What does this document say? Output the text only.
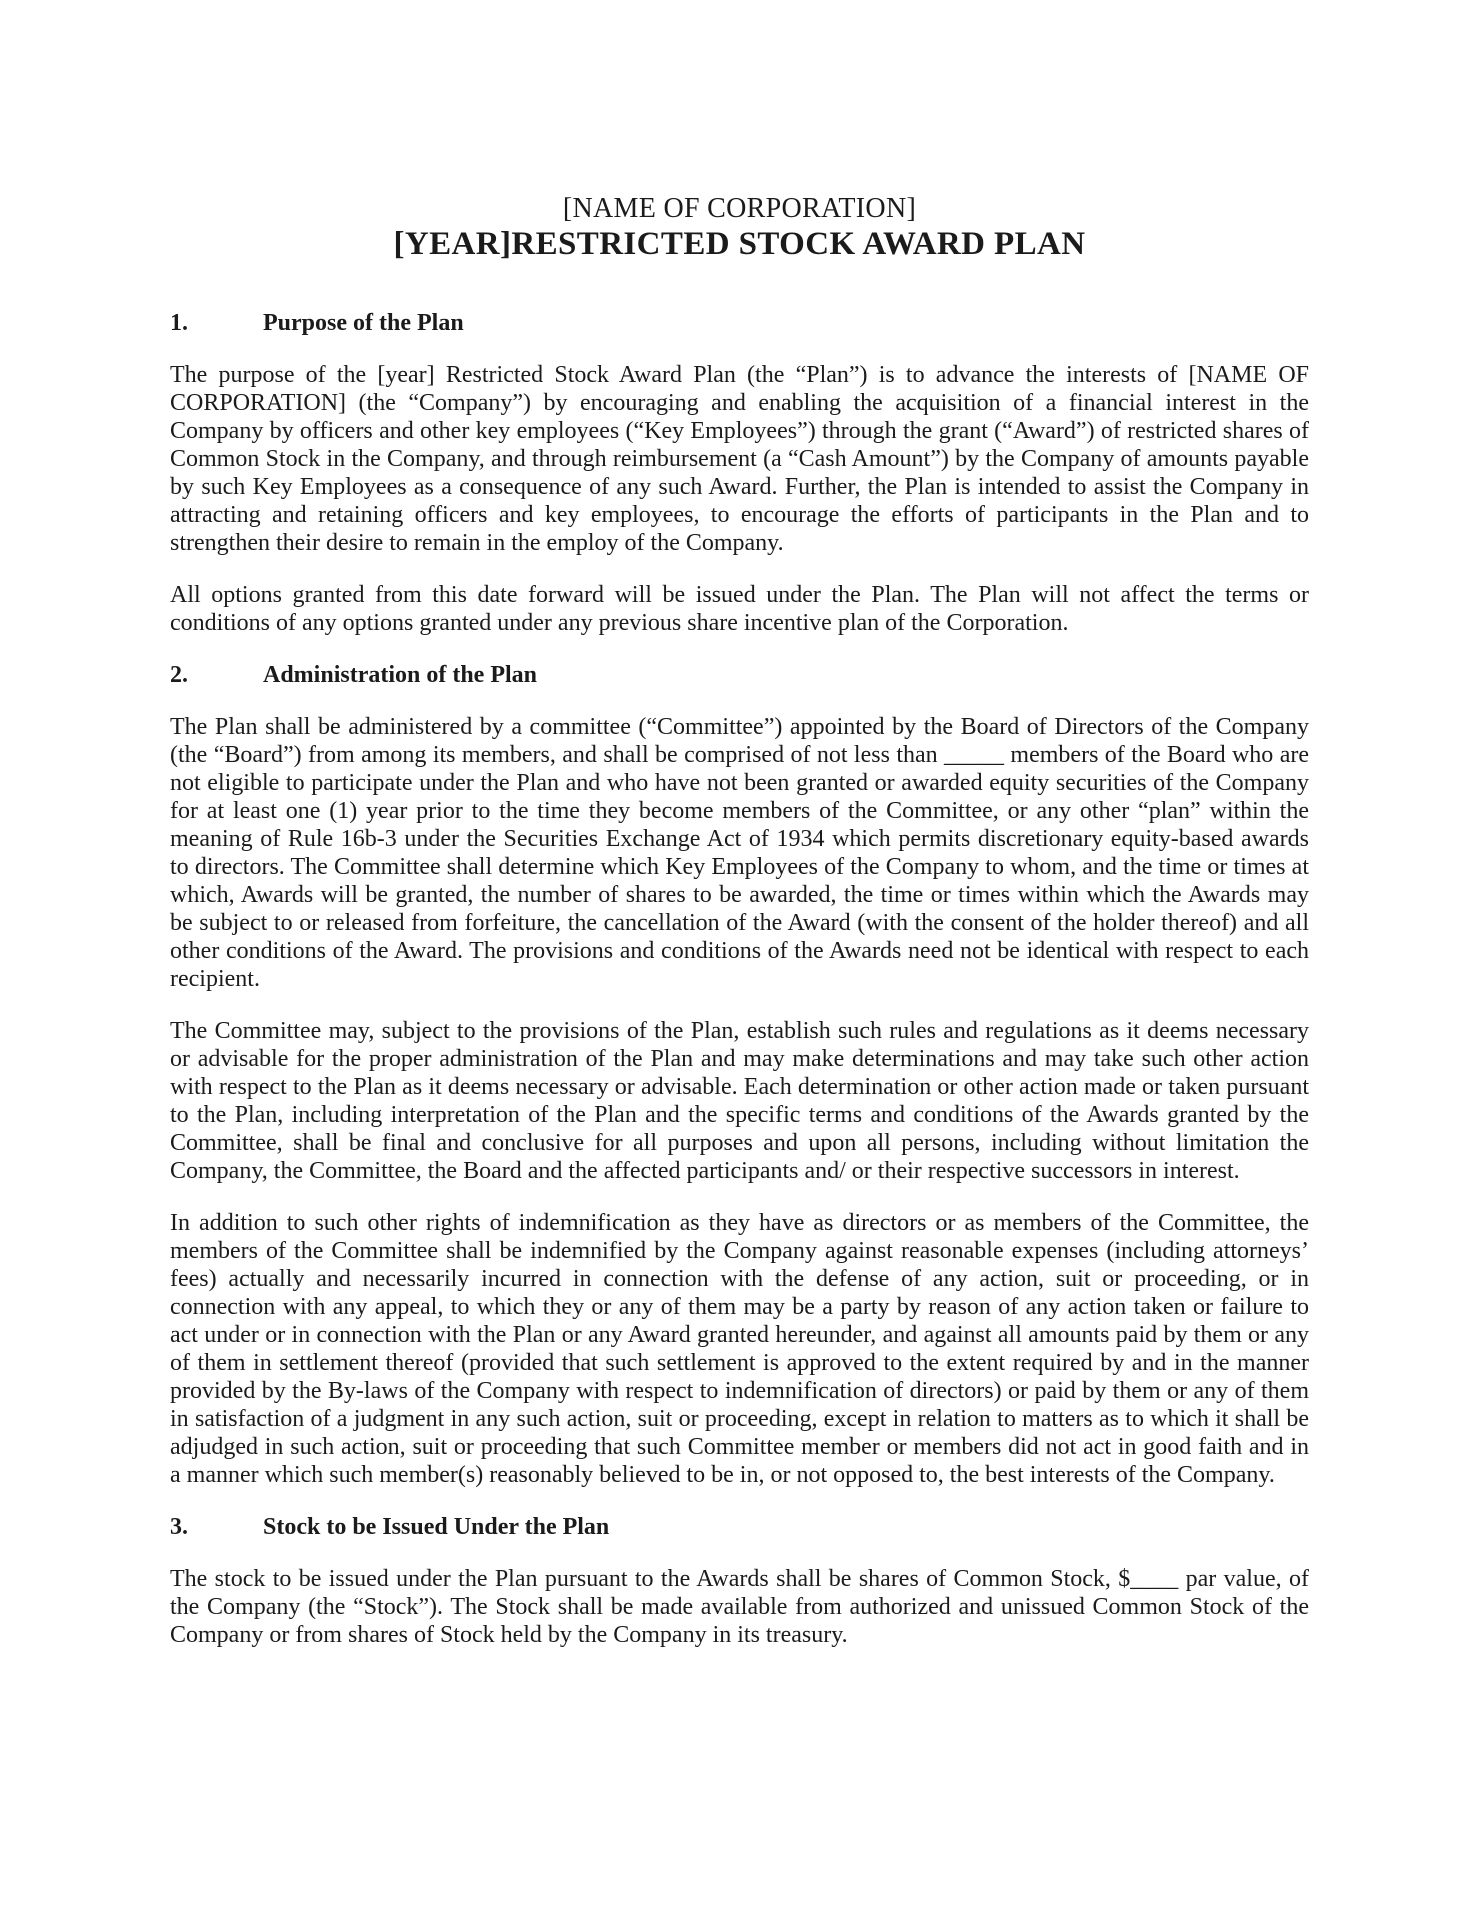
[NAME OF CORPORATION]
[YEAR]RESTRICTED STOCK AWARD PLAN
1.	Purpose of the Plan

The purpose of the [year] Restricted Stock Award Plan (the “Plan”) is to advance the interests of [NAME OF CORPORATION] (the “Company”) by encouraging and enabling the acquisition of a financial interest in the Company by officers and other key employees (“Key Employees”) through the grant (“Award”) of restricted shares of Common Stock in the Company, and through reimbursement (a “Cash Amount”) by the Company of amounts payable by such Key Employees as a consequence of any such Award. Further, the Plan is intended to assist the Company in attracting and retaining officers and key employees, to encourage the efforts of participants in the Plan and to strengthen their desire to remain in the employ of the Company.

All options granted from this date forward will be issued under the Plan. The Plan will not affect the terms or conditions of any options granted under any previous share incentive plan of the Corporation.

2.	Administration of the Plan

The Plan shall be administered by a committee (“Committee”) appointed by the Board of Directors of the Company (the “Board”) from among its members, and shall be comprised of not less than _____ members of the Board who are not eligible to participate under the Plan and who have not been granted or awarded equity securities of the Company for at least one (1) year prior to the time they become members of the Committee, or any other “plan” within the meaning of Rule 16b-3 under the Securities Exchange Act of 1934 which permits discretionary equity-based awards to directors. The Committee shall determine which Key Employees of the Company to whom, and the time or times at which, Awards will be granted, the number of shares to be awarded, the time or times within which the Awards may be subject to or released from forfeiture, the cancellation of the Award (with the consent of the holder thereof) and all other conditions of the Award. The provisions and conditions of the Awards need not be identical with respect to each recipient.

The Committee may, subject to the provisions of the Plan, establish such rules and regulations as it deems necessary or advisable for the proper administration of the Plan and may make determinations and may take such other action with respect to the Plan as it deems necessary or advisable. Each determination or other action made or taken pursuant to the Plan, including interpretation of the Plan and the specific terms and conditions of the Awards granted by the Committee, shall be final and conclusive for all purposes and upon all persons, including without limitation the Company, the Committee, the Board and the affected participants and/ or their respective successors in interest.

In addition to such other rights of indemnification as they have as directors or as members of the Committee, the members of the Committee shall be indemnified by the Company against reasonable expenses (including attorneys’ fees) actually and necessarily incurred in connection with the defense of any action, suit or proceeding, or in connection with any appeal, to which they or any of them may be a party by reason of any action taken or failure to act under or in connection with the Plan or any Award granted hereunder, and against all amounts paid by them or any of them in settlement thereof (provided that such settlement is approved to the extent required by and in the manner provided by the By-laws of the Company with respect to indemnification of directors) or paid by them or any of them in satisfaction of a judgment in any such action, suit or proceeding, except in relation to matters as to which it shall be adjudged in such action, suit or proceeding that such Committee member or members did not act in good faith and in a manner which such member(s) reasonably believed to be in, or not opposed to, the best interests of the Company.

3.	Stock to be Issued Under the Plan

The stock to be issued under the Plan pursuant to the Awards shall be shares of Common Stock, $____ par value, of the Company (the “Stock”). The Stock shall be made available from authorized and unissued Common Stock of the Company or from shares of Stock held by the Company in its treasury.
